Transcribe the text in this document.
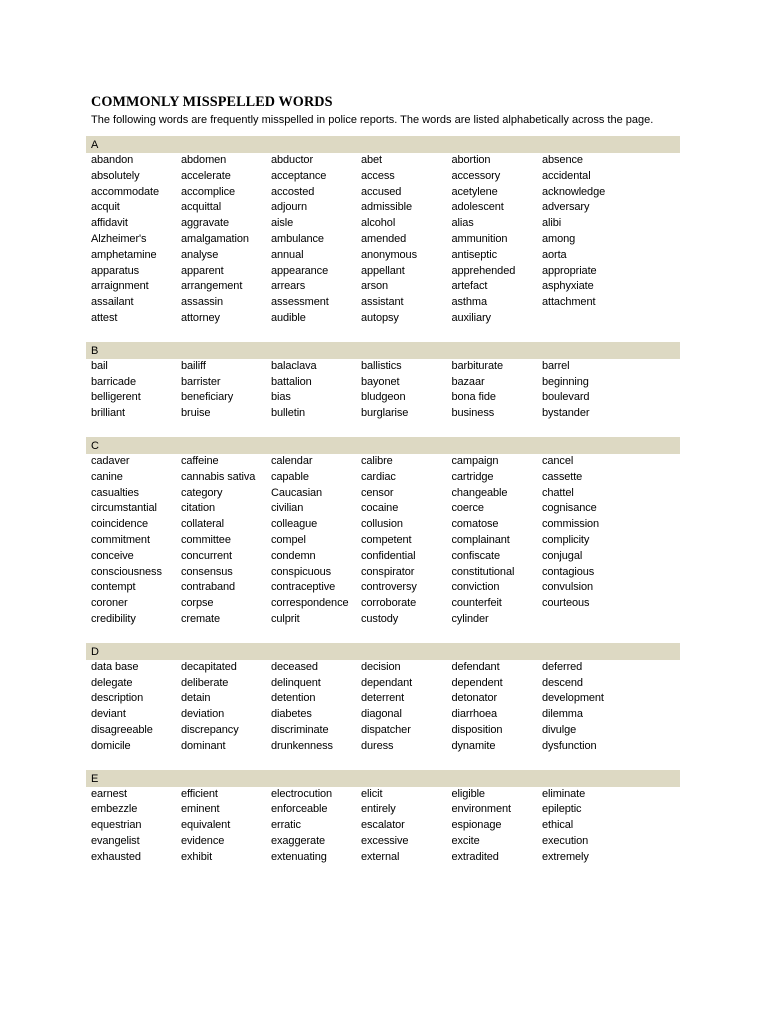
COMMONLY MISSPELLED WORDS

The following words are frequently misspelled in police reports. The words are listed alphabetically across the page.

A
abandon	abdomen	abductor	abet	abortion	absence
absolutely	accelerate	acceptance	access	accessory	accidental
accommodate	accomplice	accosted	accused	acetylene	acknowledge
acquit	acquittal	adjourn	admissible	adolescent	adversary
affidavit	aggravate	aisle	alcohol	alias	alibi
Alzheimer's	amalgamation	ambulance	amended	ammunition	among
amphetamine	analyse	annual	anonymous	antiseptic	aorta
apparatus	apparent	appearance	appellant	apprehended	appropriate
arraignment	arrangement	arrears	arson	artefact	asphyxiate
assailant	assassin	assessment	assistant	asthma	attachment
attest	attorney	audible	autopsy	auxiliary
B
bail	bailiff	balaclava	ballistics	barbiturate	barrel
barricade	barrister	battalion	bayonet	bazaar	beginning
belligerent	beneficiary	bias	bludgeon	bona fide	boulevard
brilliant	bruise	bulletin	burglarise	business	bystander
C
cadaver	caffeine	calendar	calibre	campaign	cancel
canine	cannabis sativa	capable	cardiac	cartridge	cassette
casualties	category	Caucasian	censor	changeable	chattel
circumstantial	citation	civilian	cocaine	coerce	cognisance
coincidence	collateral	colleague	collusion	comatose	commission
commitment	committee	compel	competent	complainant	complicity
conceive	concurrent	condemn	confidential	confiscate	conjugal
consciousness	consensus	conspicuous	conspirator	constitutional	contagious
contempt	contraband	contraceptive	controversy	conviction	convulsion
coroner	corpse	correspondence	corroborate	counterfeit	courteous
credibility	cremate	culprit	custody	cylinder
D
data base	decapitated	deceased	decision	defendant	deferred
delegate	deliberate	delinquent	dependant	dependent	descend
description	detain	detention	deterrent	detonator	development
deviant	deviation	diabetes	diagonal	diarrhoea	dilemma
disagreeable	discrepancy	discriminate	dispatcher	disposition	divulge
domicile	dominant	drunkenness	duress	dynamite	dysfunction
E
earnest	efficient	electrocution	elicit	eligible	eliminate
embezzle	eminent	enforceable	entirely	environment	epileptic
equestrian	equivalent	erratic	escalator	espionage	ethical
evangelist	evidence	exaggerate	excessive	excite	execution
exhausted	exhibit	extenuating	external	extradited	extremely
